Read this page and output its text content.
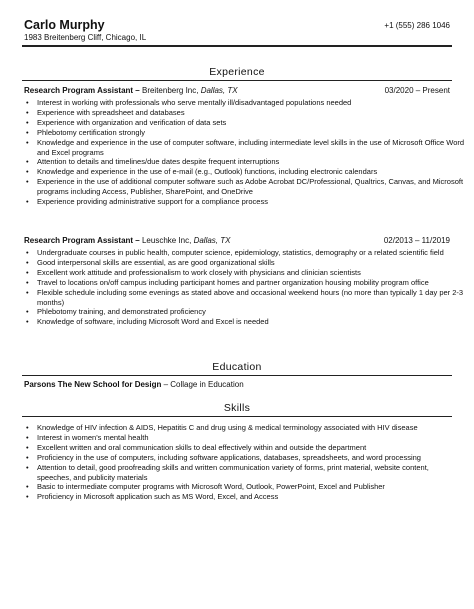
Carlo Murphy
1983 Breitenberg Cliff, Chicago, IL
+1 (555) 286 1046
Experience
Research Program Assistant – Breitenberg Inc, Dallas, TX	03/2020 – Present
• Interest in working with professionals who serve mentally ill/disadvantaged populations needed
• Experience with spreadsheet and databases
• Experience with organization and verification of data sets
• Phlebotomy certification strongly
• Knowledge and experience in the use of computer software, including intermediate level skills in the use of Microsoft Office Word and Excel programs
• Attention to details and timelines/due dates despite frequent interruptions
• Knowledge and experience in the use of e-mail (e.g., Outlook) functions, including electronic calendars
• Experience in the use of additional computer software such as Adobe Acrobat DC/Professional, Qualtrics, Canvas, and Microsoft programs including Access, Publisher, SharePoint, and OneDrive
• Experience providing administrative support for a compliance process
Research Program Assistant – Leuschke Inc, Dallas, TX	02/2013 – 11/2019
• Undergraduate courses in public health, computer science, epidemiology, statistics, demography or a related scientific field
• Good interpersonal skills are essential, as are good organizational skills
• Excellent work attitude and professionalism to work closely with physicians and clinician scientists
• Travel to locations on/off campus including participant homes and partner organization housing mobility program office
• Flexible schedule including some evenings as stated above and occasional weekend hours (no more than typically 1 day per 2-3 months)
• Phlebotomy training, and demonstrated proficiency
• Knowledge of software, including Microsoft Word and Excel is needed
Education
Parsons The New School for Design – Collage in Education
Skills
• Knowledge of HIV infection & AIDS, Hepatitis C and drug using & medical terminology associated with HIV disease
• Interest in women's mental health
• Excellent written and oral communication skills to deal effectively within and outside the department
• Proficiency in the use of computers, including software applications, databases, spreadsheets, and word processing
• Attention to detail, good proofreading skills and written communication variety of forms, print material, website content, speeches, and publicity materials
• Basic to intermediate computer programs with Microsoft Word, Outlook, PowerPoint, Excel and Publisher
• Proficiency in Microsoft application such as MS Word, Excel, and Access
